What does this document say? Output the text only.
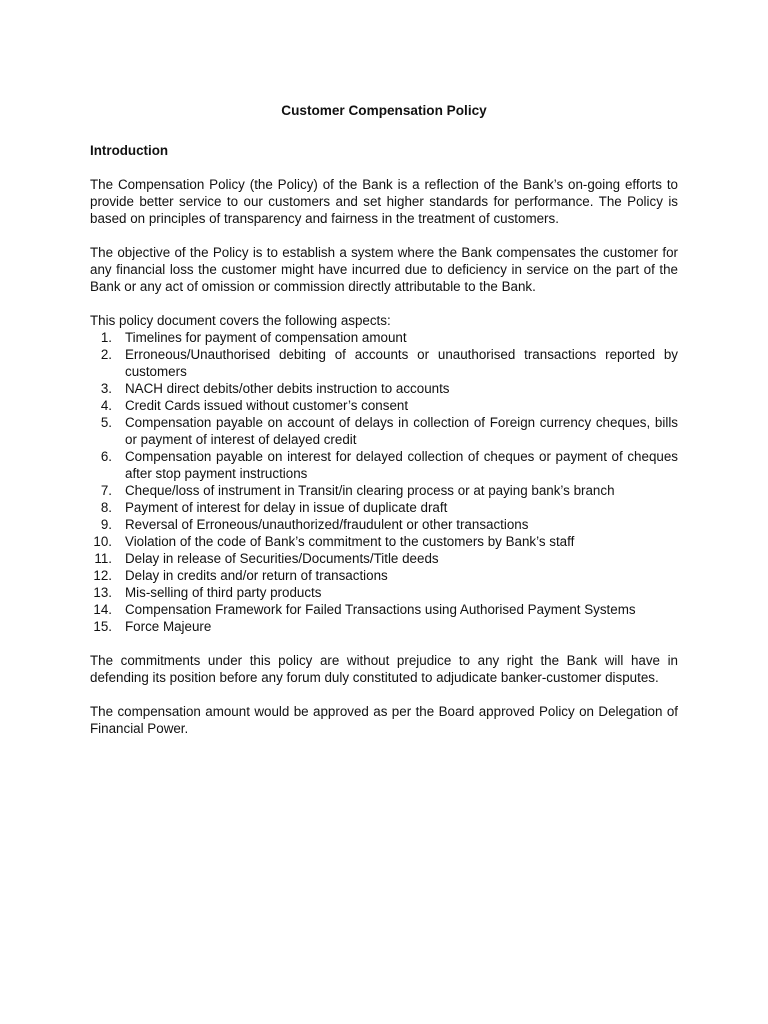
Customer Compensation Policy
Introduction

The Compensation Policy (the Policy) of the Bank is a reflection of the Bank’s on-going efforts to provide better service to our customers and set higher standards for performance. The Policy is based on principles of transparency and fairness in the treatment of customers.

The objective of the Policy is to establish a system where the Bank compensates the customer for any financial loss the customer might have incurred due to deficiency in service on the part of the Bank or any act of omission or commission directly attributable to the Bank.

This policy document covers the following aspects:

1. Timelines for payment of compensation amount
2. Erroneous/Unauthorised debiting of accounts or unauthorised transactions reported by customers
3. NACH direct debits/other debits instruction to accounts
4. Credit Cards issued without customer’s consent
5. Compensation payable on account of delays in collection of Foreign currency cheques, bills or payment of interest of delayed credit
6. Compensation payable on interest for delayed collection of cheques or payment of cheques after stop payment instructions
7. Cheque/loss of instrument in Transit/in clearing process or at paying bank’s branch
8. Payment of interest for delay in issue of duplicate draft
9. Reversal of Erroneous/unauthorized/fraudulent or other transactions
10. Violation of the code of Bank’s commitment to the customers by Bank’s staff
11. Delay in release of Securities/Documents/Title deeds
12. Delay in credits and/or return of transactions
13. Mis-selling of third party products
14. Compensation Framework for Failed Transactions using Authorised Payment Systems
15. Force Majeure

The commitments under this policy are without prejudice to any right the Bank will have in defending its position before any forum duly constituted to adjudicate banker-customer disputes.

The compensation amount would be approved as per the Board approved Policy on Delegation of Financial Power.
